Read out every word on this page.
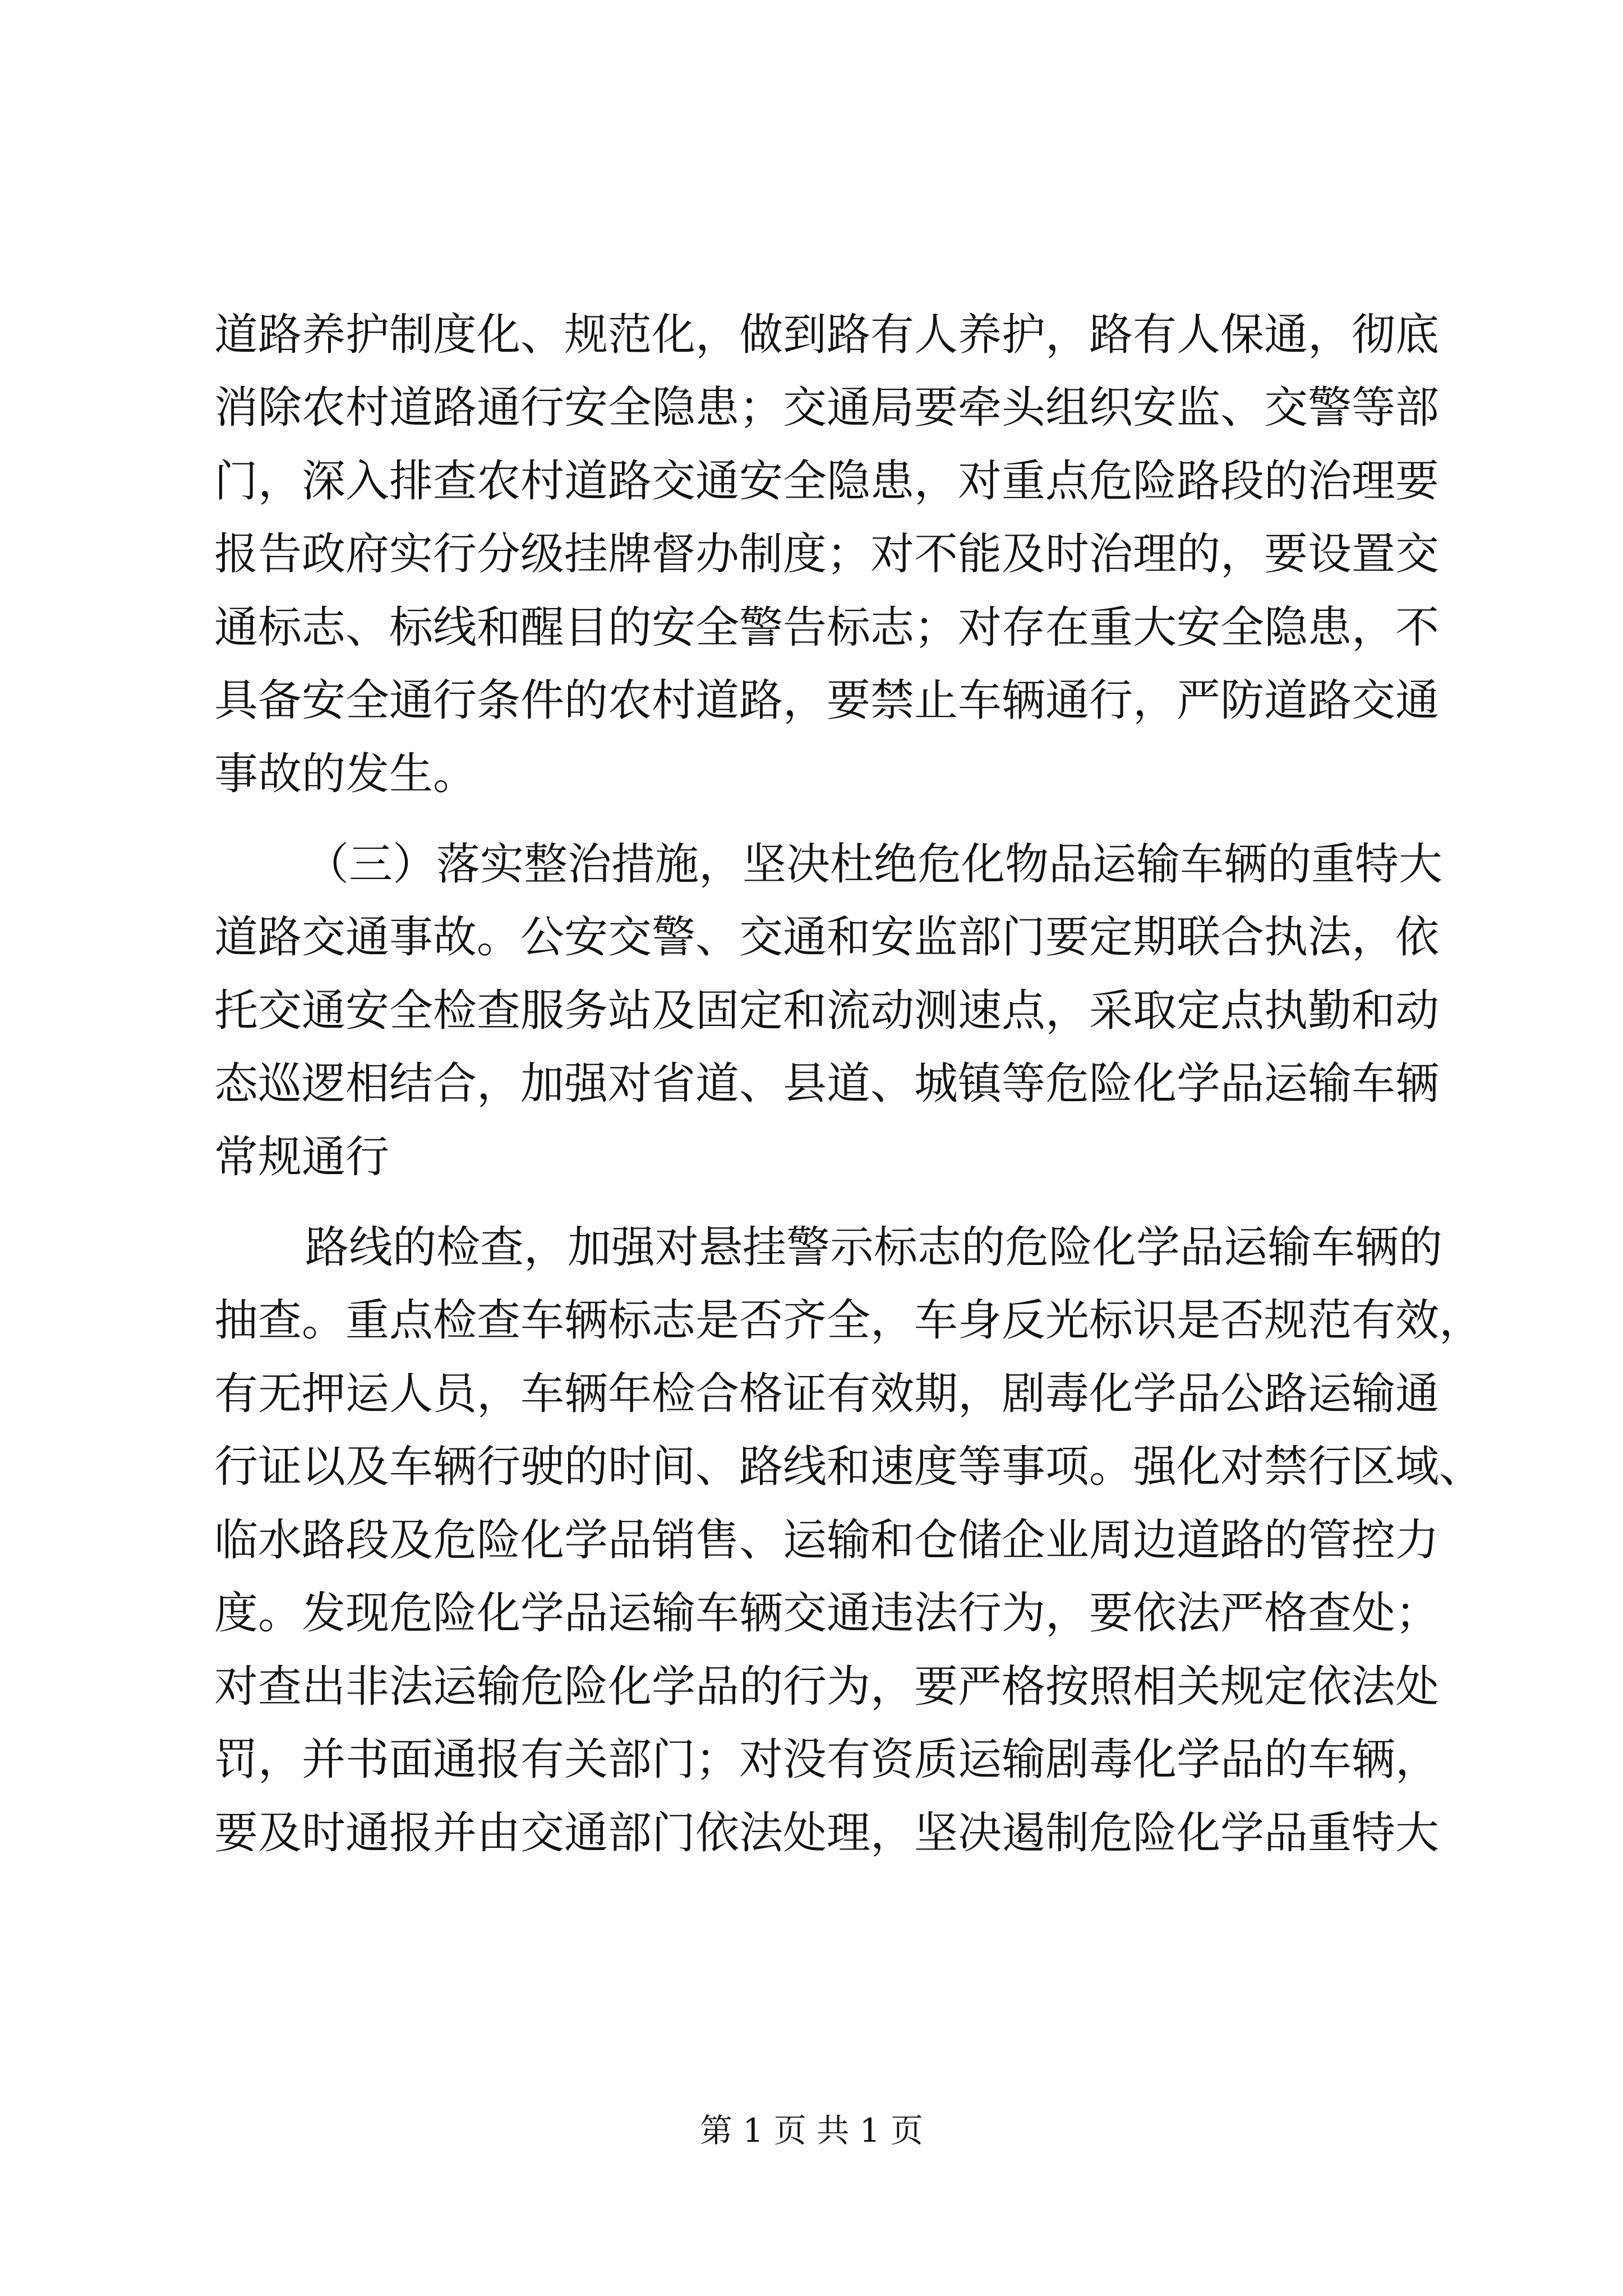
道路养护制度化、规范化，做到路有人养护，路有人保通，彻底
消除农村道路通行安全隐患；交通局要牵头组织安监、交警等部
门，深入排查农村道路交通安全隐患，对重点危险路段的治理要
报告政府实行分级挂牌督办制度；对不能及时治理的，要设置交
通标志、标线和醒目的安全警告标志；对存在重大安全隐患，不
具备安全通行条件的农村道路，要禁止车辆通行，严防道路交通
事故的发生。
（三）落实整治措施，坚决杜绝危化物品运输车辆的重特大
道路交通事故。公安交警、交通和安监部门要定期联合执法，依
托交通安全检查服务站及固定和流动测速点，采取定点执勤和动
态巡逻相结合，加强对省道、县道、城镇等危险化学品运输车辆
常规通行
路线的检查，加强对悬挂警示标志的危险化学品运输车辆的
抽查。重点检查车辆标志是否齐全，车身反光标识是否规范有效，
有无押运人员，车辆年检合格证有效期，剧毒化学品公路运输通
行证以及车辆行驶的时间、路线和速度等事项。强化对禁行区域、
临水路段及危险化学品销售、运输和仓储企业周边道路的管控力
度。发现危险化学品运输车辆交通违法行为，要依法严格查处；
对查出非法运输危险化学品的行为，要严格按照相关规定依法处
罚，并书面通报有关部门；对没有资质运输剧毒化学品的车辆，
要及时通报并由交通部门依法处理，坚决遏制危险化学品重特大
第 1 页 共 1 页
